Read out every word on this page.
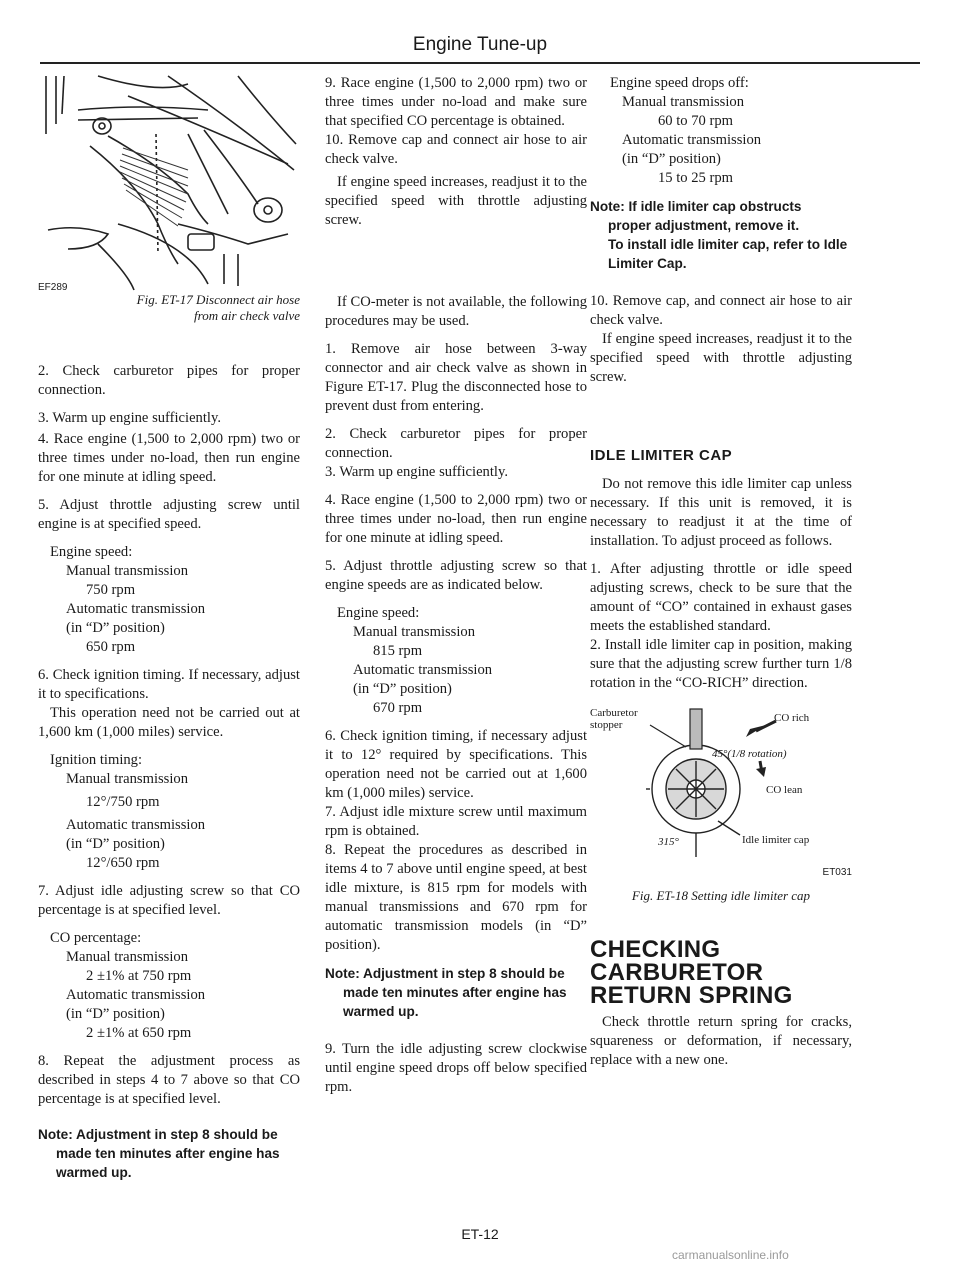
Engine Tune-up
EF289
Fig. ET-17 Disconnect air hose
from air check valve

2. Check carburetor pipes for proper connection.

3. Warm up engine sufficiently.

4. Race engine (1,500 to 2,000 rpm) two or three times under no-load, then run engine for one minute at idling speed.

5. Adjust throttle adjusting screw until engine is at specified speed.

Engine speed:
Manual transmission
750 rpm
Automatic transmission
(in “D” position)
650 rpm

6. Check ignition timing. If necessary, adjust it to specifications.

This operation need not be carried out at 1,600 km (1,000 miles) service.

Ignition timing:
Manual transmission
12°/750 rpm
Automatic transmission
(in “D” position)
12°/650 rpm

7. Adjust idle adjusting screw so that CO percentage is at specified level.

CO percentage:
Manual transmission
2 ±1% at 750 rpm
Automatic transmission
(in “D” position)
2 ±1% at 650 rpm

8. Repeat the adjustment process as described in steps 4 to 7 above so that CO percentage is at specified level.

Note: Adjustment in step 8 should be
made ten minutes after engine has warmed up.

9. Race engine (1,500 to 2,000 rpm) two or three times under no-load and make sure that specified CO percentage is obtained.

10. Remove cap and connect air hose to air check valve.

If engine speed increases, readjust it to the specified speed with throttle adjusting screw.

If CO-meter is not available, the following procedures may be used.

1. Remove air hose between 3-way connector and air check valve as shown in Figure ET-17. Plug the disconnected hose to prevent dust from entering.

2. Check carburetor pipes for proper connection.

3. Warm up engine sufficiently.

4. Race engine (1,500 to 2,000 rpm) two or three times under no-load, then run engine for one minute at idling speed.

5. Adjust throttle adjusting screw so that engine speeds are as indicated below.

Engine speed:
Manual transmission
815 rpm
Automatic transmission
(in “D” position)
670 rpm

6. Check ignition timing, if necessary adjust it to 12° required by specifications. This operation need not be carried out at 1,600 km (1,000 miles) service.

7. Adjust idle mixture screw until maximum rpm is obtained.

8. Repeat the procedures as described in items 4 to 7 above until engine speed, at best idle mixture, is 815 rpm for models with manual transmissions and 670 rpm for automatic transmission models (in “D” position).

Note: Adjustment in step 8 should be
made ten minutes after engine has warmed up.

9. Turn the idle adjusting screw clockwise until engine speed drops off below specified rpm.

Engine speed drops off:
Manual transmission
60 to 70 rpm
Automatic transmission
(in “D” position)
15 to 25 rpm
Note: If idle limiter cap obstructs
proper adjustment, remove it.
To install idle limiter cap, refer to Idle Limiter Cap.

10. Remove cap, and connect air hose to air check valve.

If engine speed increases, readjust it to the specified speed with throttle adjusting screw.

IDLE LIMITER CAP

Do not remove this idle limiter cap unless necessary. If this unit is removed, it is necessary to readjust it at the time of installation. To adjust proceed as follows.

1. After adjusting throttle or idle speed adjusting screws, check to be sure that the amount of “CO” contained in exhaust gases meets the established standard.

2. Install idle limiter cap in position, making sure that the adjusting screw further turn 1/8 rotation in the “CO-RICH” direction.

Carburetor
stopper
CO rich
45°(1/8 rotation)
CO lean
315°	Idle limiter cap
ET031
Fig. ET-18 Setting idle limiter cap
CHECKING
CARBURETOR
RETURN SPRING

Check throttle return spring for cracks, squareness or deformation, if necessary, replace with a new one.

ET-12
carmanualsonline.info
